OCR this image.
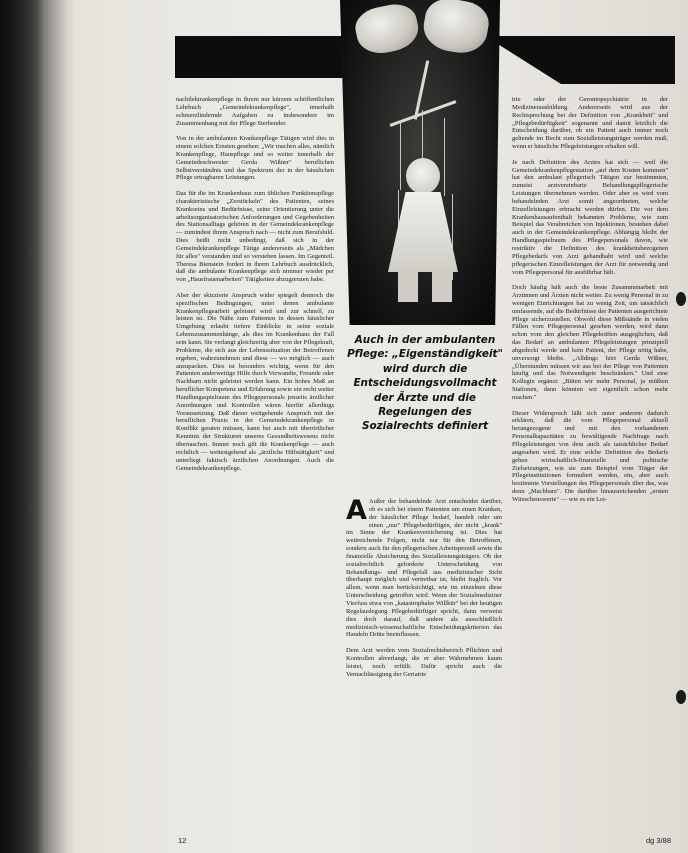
nachilektrankenpflege in ihrem nur kürzem schöffentlichen Lehrbuch „Gemeindekrankenpflege", innerhalb schmerzlindernde Aufgaben zu insbesondere im Zusammenhang mit der Pflege Sterbender.

Von in der ambulanten Krankenpflege Tätigen wird dies in einem solchen Ernsten gesehen: „Wir machen alles, nämlich Krankenpflege, Hauspflege und so weiter innerhalb der Gemeindeschwester Gerda Wißner" beruflichen Selbstverständnis und das Spektrum der in der häuslichen Pflege ertragbaren Leistungen.

Das für die im Krankenhaus zum üblichen Funktionspflege charakteristische „Zerstückeln" des Patienten, seines Krankseins und Bedürfnisse, seine Orientierung unter die arbeitsorganisatorischen Anforderungen und Gegebenheiten des Stationsalltags gehören in der Gemeindekrankenpflege — zumindest ihrem Anspruch nach — nicht zum Berufsbild. Dies heißt nicht unbedingt, daß sich in der Gemeindekrankenpflege Tätige andererseits als „Mädchen für alles" verstanden und so verstehen lassen. Im Gegenteil. Theresa Bienstein fordert in ihrem Lehrbuch ausdrücklich, daß die ambulante Krankenpflege sich nimmer wieder per von „Hausfrauenarbeiten" Tätigkeiten abzugrenzen habe.

Aber der skizzierte Anspruch wider spiegelt dennoch die spezifischen Bedingungen, unter denen ambulante Krankenpflegearbeit geleistet wird und zur schnell, zu leisten ist. Die Nähe zum Patienten in dessen häuslicher Umgebung erlaubt tiefere Einblicke in seine soziale Lebenszusammenhänge, als dies im Krankenhaus der Fall sein kann. Sie verlangt gleichzeitig aber von der Pflegekraft, Probleme, die sich aus der Lebenssituation der Betroffenen ergeben, wahrzunehmen und diese — wo möglich — auch anzupacken. Dies ist besonders wichtig, wenn für den Patienten anderweitige Hilfe durch Verwandte, Freunde oder Nachbarn nicht geleistet werden kann. Ein hohes Maß an beruflicher Kompetenz und Erfahrung sowie ein recht weiter Handlungsspielraum des Pflegepersonals jenseits ärztlicher Anordnungen und Kontrollen wären hierfür allerdings Voraussetzung. Daß dieser weitgehende Anspruch mit der beruflichen Praxis in der Gemeindekrankenpflege in Konflikt geraten müssen, kann bei auch mit überörtlicher Kenntnis der Strukturen unseres Gesundheitswesens nicht überraschen. Immer noch gilt die Krankenpflege — auch rechtlich — weitestgehend als „ärztliche Hilfstätigkeit" und unterliegt faktisch ärztlichen Anordnungen. Auch die Gemeindekrankenpflege.

Auch in der ambulanten Pflege: „Eigenständigkeit" wird durch die Entscheidungsvollmacht der Ärzte und die Regelungen des Sozialrechts definiert

A Außer der behandelnde Arzt entscheidet darüber, ob es sich bei einem Patienten um einen Kranken, der häuslicher Pflege bedarf, handelt oder um einen „nur" Pflegebedürftigen, der nicht „krank" im Sinne der Krankenversicherung ist. Dies hat weitreichende Folgen, nicht nur für den Betroffenen, sondern auch für den pflegerischen Arbeitsprozeß sowie die finanzielle Absicherung des Sozialleistungsträgers. Ob der sozialrechtlich geforderte Unterscheidung von Behandlungs- und Pflegefall aus medizinischer Sicht überhaupt möglich und vertretbar ist, bleibt fraglich. Vor allem, wenn man berücksichtigt, wie im einzelnen diese Unterscheidung getroffen wird. Wenn der Sozialmediziner Vierfuss etwa von „katastrophaler Willkür" bei der heutigen Regelauslegung Pflegebedürftiger spricht, dann verweist dies doch darauf, daß andere als ausschließlich medizinisch-wissenschaftliche Entscheidungskriterien das Handeln Dritte beeinflussen.

Dem Arzt werden vom Sozialrechtsbereich Pflichten und Kontrollen abverlangt, die er aber Wahrnehmen kaum leistet, noch erfüllt. Dafür spricht auch die Vernachlässigung der Geriatrie

trie oder der Gerontopsychiatrie in der Medizinerausbildung. Andererseits wird aus der Rechtsprechung bei der Definition von „Krankheit" und „Pflegebedürftigkeit" sogenannt und damit letztlich die Entscheidung darüber, ob ein Patient auch immer noch geltende im Recht zum Sozialleistungsträger werden muß, wenn er häusliche Pflegeleistungen erhalten will.

Je nach Definition des Arztes hat sich — weil die Gemeindekrankenpflegestation „auf dem Kosten kommen" hat den ambulant pflegerisch Tätigen zur bestimmten, zumeist arztvereinbarte Behandlungspflegerische Leistungen übernehmen werden. Oder aber es wird vom behandelnden Arzt somit angeordneten, welche Einzelleistungen erbracht werden dürfen. Die vor dem Krankenhausaufenthalt bekannten Probleme, wie zum Beispiel das Verabreichen von Injektionen, bestehen dabei auch in der Gemeindekrankenpflege. Abhängig bleibt der Handlungsspielraum des Pflegepersonals davon, wie restriktiv die Definition des krankheitsbezogenen Pflegebedarfs von Arzt gehandhabt wird und welche pflegerischen Einzelleistungen der Arzt für notwendig und vom Pflegepersonal für ausführbar hält.

Doch häufig hält auch die beste Zusammenarbeit mit Arztinnen und Ärzten nicht weiter. Zu wenig Personal in zu wenigen Einrichtungen hat zu wenig Zeit, um tatsächlich umfassende, auf die Bedürfnisse der Patienten ausgerichtete Pflege sicherzustellen. Obwohl diese Mißstände in vielen Fällen vom Pflegepersonal gesehen werden, wird dann schon vom den gleichen Pflegekräften ausgeglichen, daß das Bedarf an ambulanten Pflegeleistungen prinzipiell abgedeckt werde und kein Patient, der Pflege nötig habe, unversorgt bleibe. „Alldings hört Gerda Wißner, „Überstunden müssen wir aus bei der Pflege von Patienten häufig und das Notwendigste beschränken." Und eine Kollegin ergänzt: „Bitten wir mehr Personal, ja müßten Stationen, dann könnten wir eigentlich schon mehr machen."

Dieser Widerspruch läßt sich unter anderem dadurch erklären, daß die vom Pflegepersonal aktuell herangezogene und mit den vorhandenen Personalkapazitäten zu bewältigende Nachfrage nach Pflegeleistungen von dem auch als tatsächlicher Bedarf angesehen wird. Er eine solche Definition des Bedarfs gehen wirtschaftlich-finanzielle und politische Zielsetzungen, wie sie zum Beispiel vom Träger der Pflegeinstitutionen formuliert werden, ein, aber auch bestimmte Vorstellungen des Pflegepersonals über das, was denn „Machbare". Die darüber hinausreichenden „ersten Wünschenswerte" — wie es ein Lei-

12	dg 3/88
